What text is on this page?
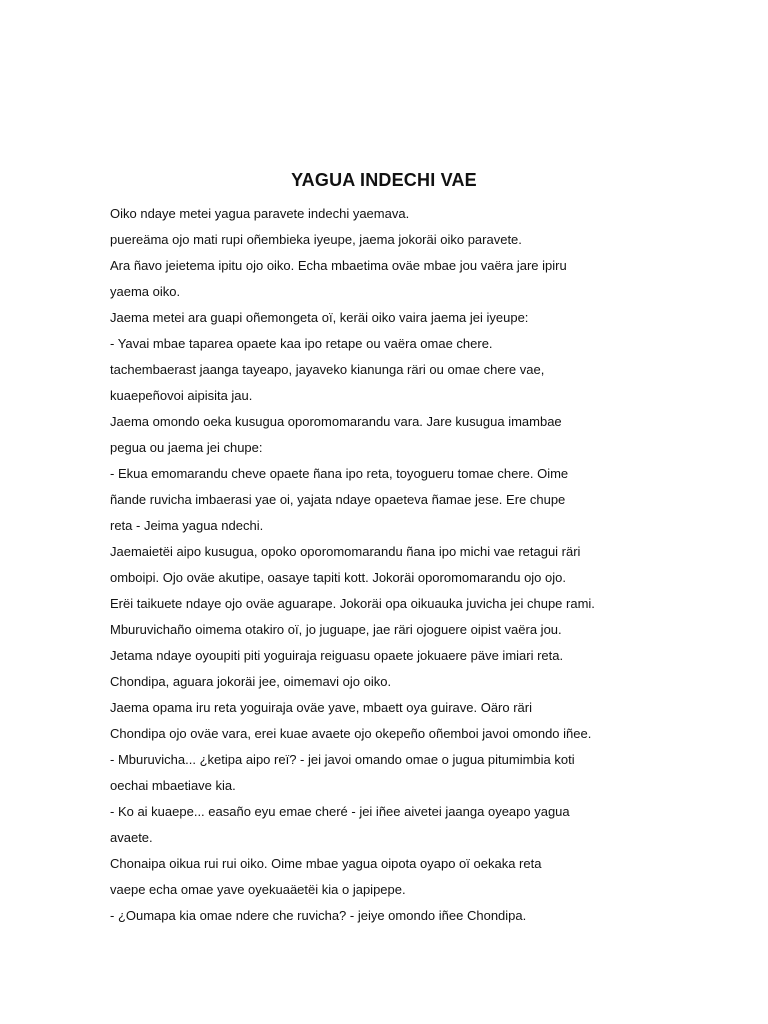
YAGUA INDECHI VAE
Oiko ndaye metei yagua paravete indechi yaemava.
puereäma ojo mati rupi oñembieka iyeupe, jaema jokoräi oiko paravete.
Ara ñavo jeietema ipitu ojo oiko. Echa mbaetima oväe mbae jou vaëra jare ipiru
yaema oiko.
Jaema metei ara guapi oñemongeta oï, keräi oiko vaira jaema jei iyeupe:
- Yavai mbae taparea opaete kaa ipo retape ou vaëra omae chere.
tachembaerast jaanga tayeapo, jayaveko kianunga räri ou omae chere vae,
kuaepeñovoi aipisita jau.
Jaema omondo oeka kusugua oporomomarandu vara. Jare kusugua imambae
pegua ou jaema jei chupe:
- Ekua emomarandu cheve opaete ñana ipo reta, toyogueru tomae chere. Oime
ñande ruvicha imbaerasi yae oi, yajata ndaye opaeteva ñamae jese. Ere chupe
reta - Jeima yagua ndechi.
Jaemaietëi aipo kusugua, opoko oporomomarandu ñana ipo michi vae retagui räri
omboipi. Ojo oväe akutipe, oasaye tapiti kott. Jokoräi oporomomarandu ojo ojo.
Erëi taikuete ndaye ojo oväe aguarape. Jokoräi opa oikuauka juvicha jei chupe rami.
Mburuvichaño oimema otakiro oï, jo juguape, jae räri ojoguere oipist vaëra jou.
Jetama ndaye oyoupiti piti yoguiraja reiguasu opaete jokuaere päve imiari reta.
Chondipa, aguara jokoräi jee, oimemavi ojo oiko.
Jaema opama iru reta yoguiraja oväe yave, mbaett oya guirave. Oäro räri
Chondipa ojo oväe vara, erei kuae avaete ojo okepeño oñemboi javoi omondo iñee.
- Mburuvicha... ¿ketipa aipo reï? - jei javoi omando omae o jugua pitumimbia koti
oechai mbaetiave kia.
- Ko ai kuaepe... easaño eyu emae cheré - jei iñee aivetei jaanga oyeapo yagua
avaete.
Chonaipa oikua rui rui oiko. Oime mbae yagua oipota oyapo oï oekaka reta
vaepe echa omae yave oyekuaäetëi kia o japipepe.
- ¿Oumapa kia omae ndere che ruvicha? - jeiye omondo iñee Chondipa.
